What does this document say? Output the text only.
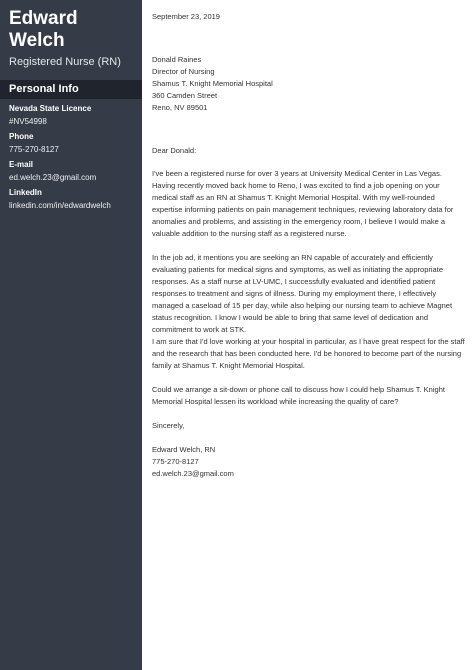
Edward
Welch
Registered Nurse (RN)
Personal Info
Nevada State Licence
#NV54998
Phone
775-270-8127
E-mail
ed.welch.23@gmail.com
LinkedIn
linkedin.com/in/edwardwelch
September 23, 2019
Donald Raines
Director of Nursing
Shamus T. Knight Memorial Hospital
360 Camden Street
Reno, NV 89501
Dear Donald:
I've been a registered nurse for over 3 years at University Medical Center in Las Vegas. Having recently moved back home to Reno, I was excited to find a job opening on your medical staff as an RN at Shamus T. Knight Memorial Hospital. With my well-rounded expertise informing patients on pain management techniques, reviewing laboratory data for anomalies and problems, and assisting in the emergency room, I believe I would make a valuable addition to the nursing staff as a registered nurse.
In the job ad, it mentions you are seeking an RN capable of accurately and efficiently evaluating patients for medical signs and symptoms, as well as initiating the appropriate responses. As a staff nurse at LV-UMC, I successfully evaluated and identified patient responses to treatment and signs of illness. During my employment there, I effectively managed a caseload of 15 per day, while also helping our nursing team to achieve Magnet status recognition. I know I would be able to bring that same level of dedication and commitment to work at STK.
I am sure that I'd love working at your hospital in particular, as I have great respect for the staff and the research that has been conducted here. I'd be honored to become part of the nursing family at Shamus T. Knight Memorial Hospital.
Could we arrange a sit-down or phone call to discuss how I could help Shamus T. Knight Memorial Hospital lessen its workload while increasing the quality of care?
Sincerely,
Edward Welch, RN
775-270-8127
ed.welch.23@gmail.com
